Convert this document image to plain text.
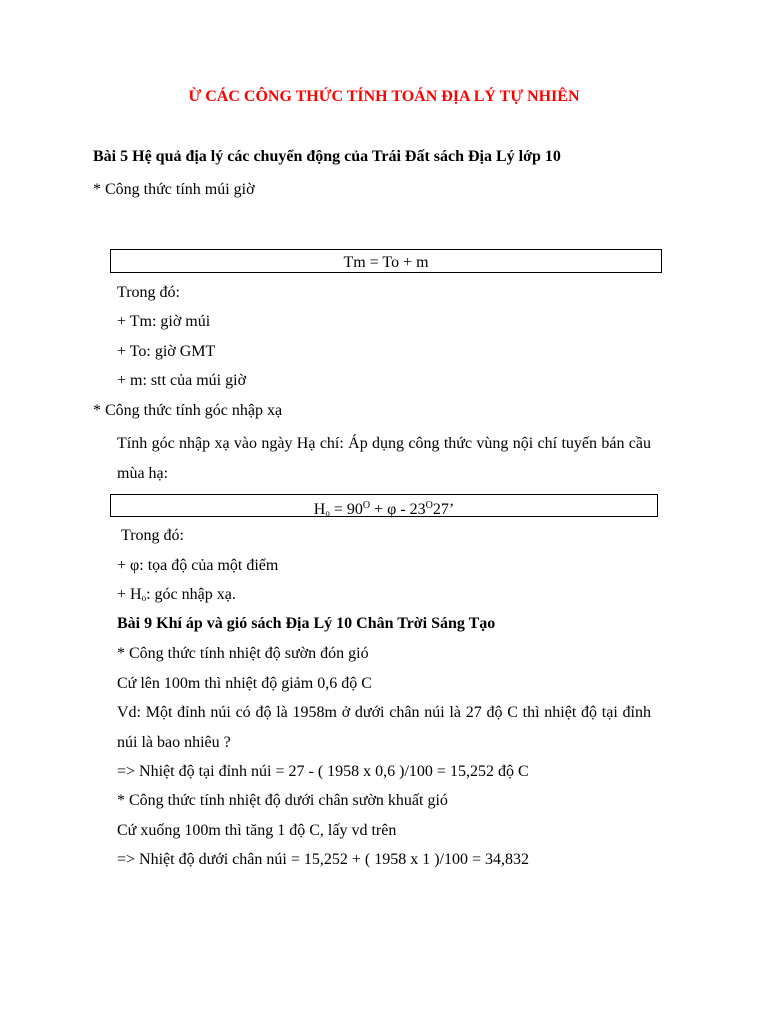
Ừ CÁC CÔNG THỨC TÍNH TOÁN ĐỊA LÝ TỰ NHIÊN
Bài 5 Hệ quả địa lý các chuyển động của Trái Đất sách Địa Lý lớp 10
* Công thức tính múi giờ
Tm = To + m
Trong đó:
+ Tm: giờ múi
+ To: giờ GMT
+ m: stt của múi giờ
* Công thức tính góc nhập xạ
Tính góc nhập xạ vào ngày Hạ chí: Áp dụng công thức vùng nội chí tuyến bán cầu mùa hạ:
$H_o = 90^O + \varphi - 23^O27$’
Trong đó:
+ φ: tọa độ của một điểm
+ $H_o$: góc nhập xạ.
Bài 9 Khí áp và gió sách Địa Lý 10 Chân Trời Sáng Tạo
* Công thức tính nhiệt độ sườn đón gió
Cứ lên 100m thì nhiệt độ giảm 0,6 độ C
Vd: Một đỉnh núi có độ là 1958m ở dưới chân núi là 27 độ C thì nhiệt độ tại đỉnh núi là bao nhiêu ?
=> Nhiệt độ tại đỉnh núi = 27 - ( 1958 x 0,6 )/100 = 15,252 độ C
* Công thức tính nhiệt độ dưới chân sườn khuất gió
Cứ xuống 100m thì tăng 1 độ C, lấy vd trên
=> Nhiệt độ dưới chân núi = 15,252 + ( 1958 x 1 )/100 = 34,832
